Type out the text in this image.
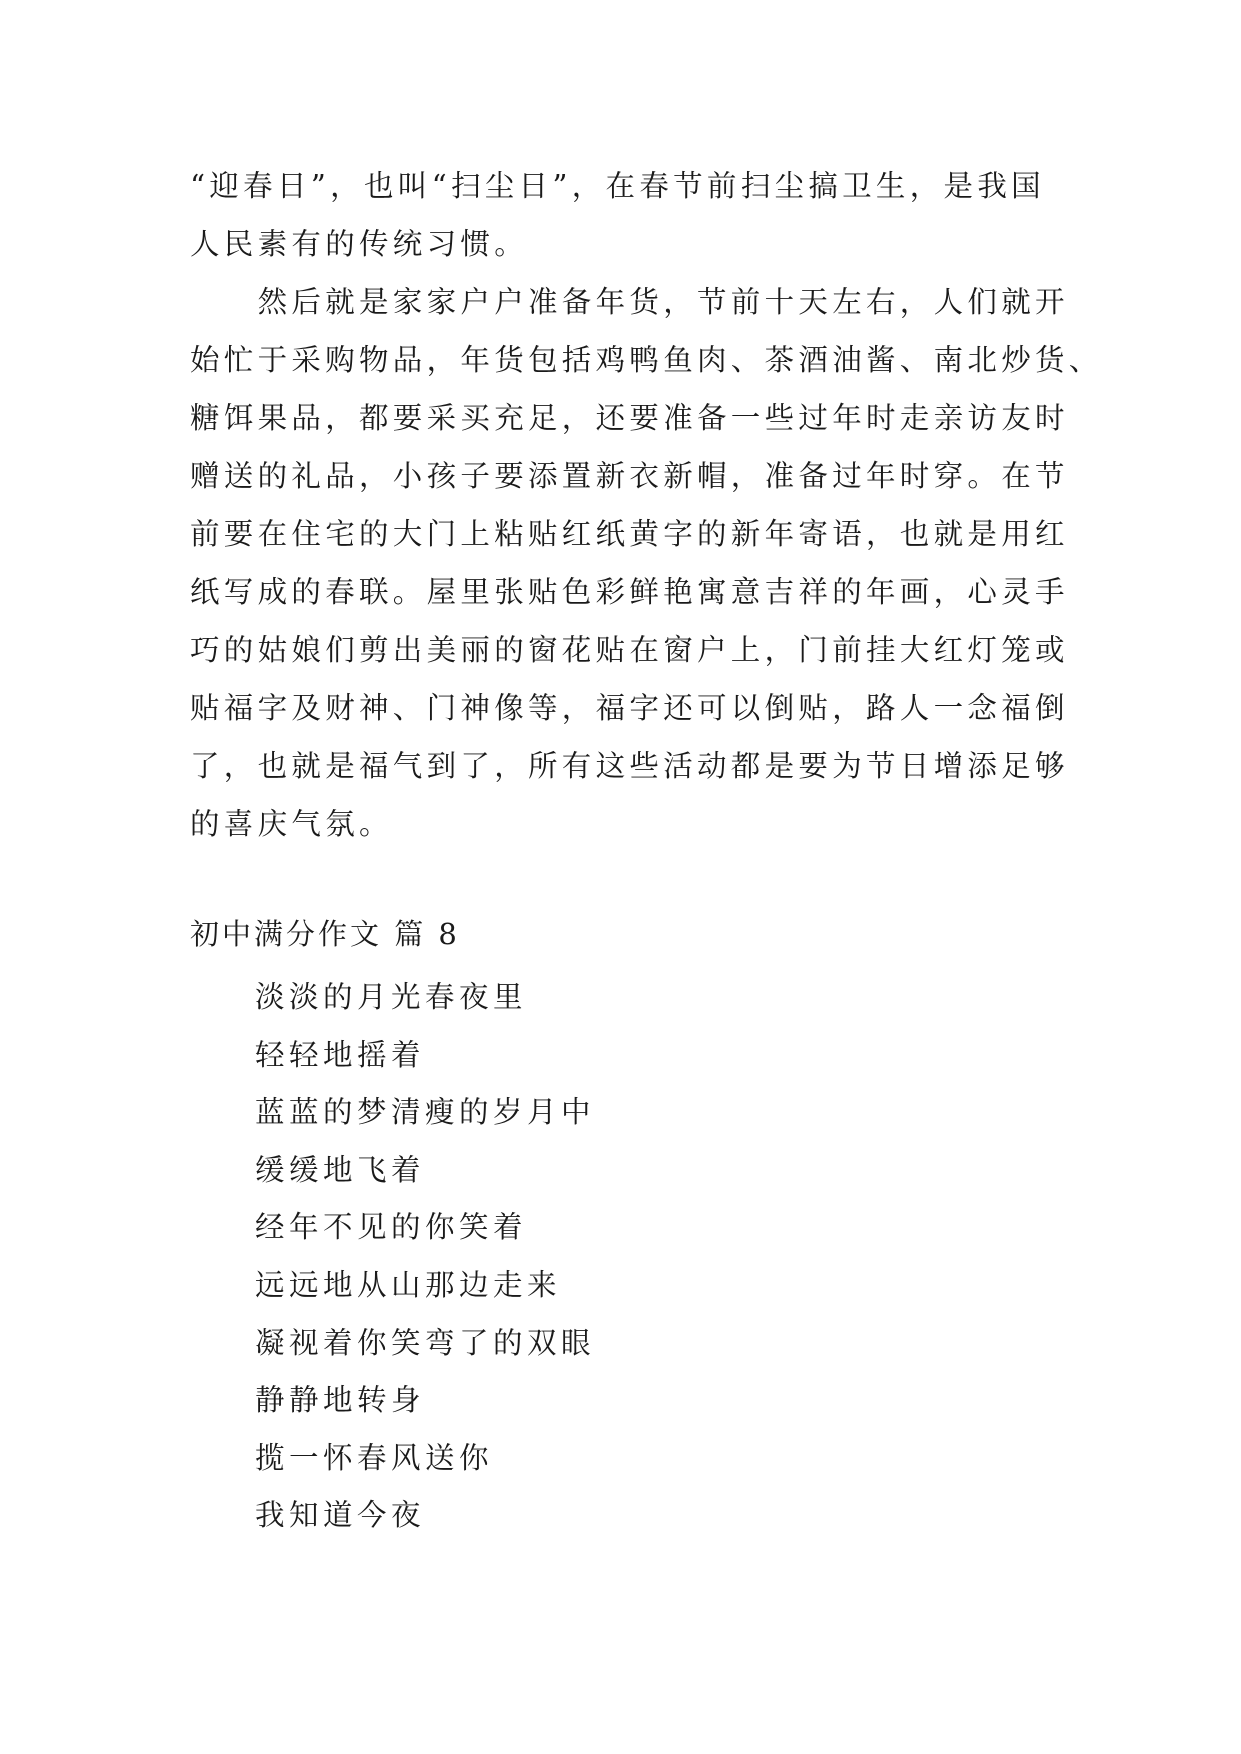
“迎春日”，也叫“扫尘日”，在春节前扫尘搞卫生，是我国
人民素有的传统习惯。
　　然后就是家家户户准备年货，节前十天左右，人们就开
始忙于采购物品，年货包括鸡鸭鱼肉、茶酒油酱、南北炒货、
糖饵果品，都要采买充足，还要准备一些过年时走亲访友时
赠送的礼品，小孩子要添置新衣新帽，准备过年时穿。在节
前要在住宅的大门上粘贴红纸黄字的新年寄语，也就是用红
纸写成的春联。屋里张贴色彩鲜艳寓意吉祥的年画，心灵手
巧的姑娘们剪出美丽的窗花贴在窗户上，门前挂大红灯笼或
贴福字及财神、门神像等，福字还可以倒贴，路人一念福倒
了，也就是福气到了，所有这些活动都是要为节日增添足够
的喜庆气氛。
初中满分作文 篇 8
淡淡的月光春夜里
轻轻地摇着
蓝蓝的梦清瘦的岁月中
缓缓地飞着
经年不见的你笑着
远远地从山那边走来
凝视着你笑弯了的双眼
静静地转身
揽一怀春风送你
我知道今夜
